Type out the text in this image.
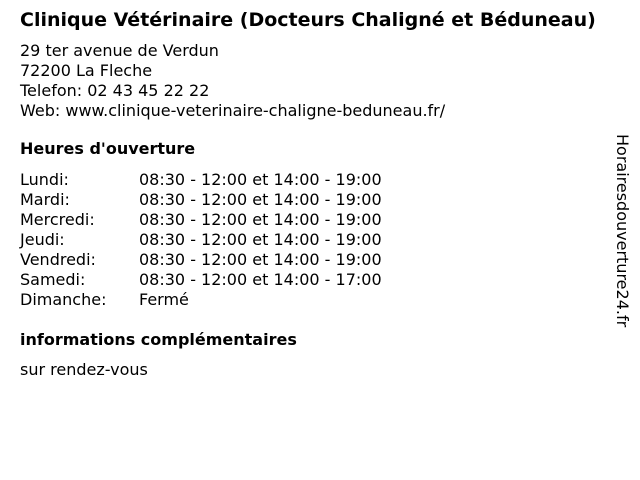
Clinique Vétérinaire (Docteurs Chaligné et Béduneau)
29 ter avenue de Verdun
72200 La Fleche
Telefon: 02 43 45 22 22
Web: www.clinique-veterinaire-chaligne-beduneau.fr/
Heures d'ouverture
Lundi:	08:30 - 12:00 et 14:00 - 19:00
Mardi:	08:30 - 12:00 et 14:00 - 19:00
Mercredi:	08:30 - 12:00 et 14:00 - 19:00
Jeudi:	08:30 - 12:00 et 14:00 - 19:00
Vendredi:	08:30 - 12:00 et 14:00 - 19:00
Samedi:	08:30 - 12:00 et 14:00 - 17:00
Dimanche:	Fermé
informations complémentaires
sur rendez-vous
Horairesdouverture24.fr
